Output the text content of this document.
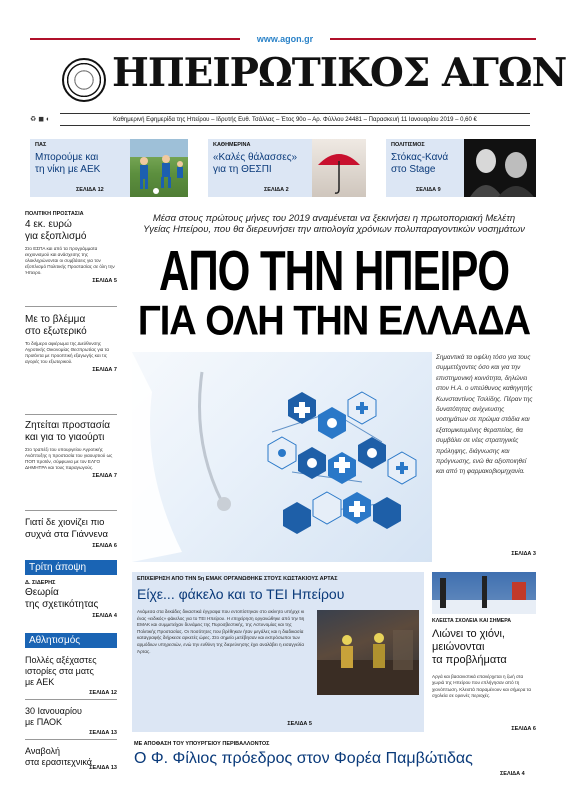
www.agon.gr
ΗΠΕΙΡΩΤΙΚΟΣ ΑΓΩΝ
♻ ◼ ◐	Καθημερινή Εφημερίδα της Ηπείρου – Ιδρυτής Ευθ. Τσάλλας – Έτος 90ο – Αρ. Φύλλου 24481 – Παρασκευή 11 Ιανουαρίου 2019 – 0,60 €
ΠΑΣ
Μπορούμε και
τη νίκη με ΑΕΚ
ΣΕΛΙΔΑ 12
ΚΑΘΗΜΕΡΙΝΑ
«Καλές θάλασσες»
για τη ΘΕΣΠΙ
ΣΕΛΙΔΑ 2
ΠΟΛΙΤΙΣΜΟΣ
Στόκας-Κανά
στο Stage
ΣΕΛΙΔΑ 9
ΠΟΛΙΤΙΚΗ ΠΡΟΣΤΑΣΙΑ
4 εκ. ευρώ
για εξοπλισμό
Στο ΕΣΠΑ και από τα προγράμματα εκχιονισμού και ανάσχεσης της ολοκληρώνονται οι συμβάσεις για τον εξοπλισμό Πολιτικής Προστασίας σε όλη την Ήπειρο.
ΣΕΛΙΔΑ 5
Με το βλέμμα
στο εξωτερικό
Το διήμερο αφιέρωμα της Διεύθυνσης Αγροτικής Οικονομίας Θεσπρωτίας για τα προϊόντα με προοπτική εξαγωγής και τις αγορές του εξωτερικού.
ΣΕΛΙΔΑ 7
Ζητείται προστασία
και για το γιαούρτι
Στο τραπέζι του υπουργείου Αγροτικής Ανάπτυξης η προστασία του γιαουρτιού ως ΠΟΠ προϊόν, σύμφωνα με τον ΕΛΓΟ ΔΗΜΗΤΡΑ και τους παραγωγούς.
ΣΕΛΙΔΑ 7
Γιατί δε χιονίζει πιο
συχνά στα Γιάννενα
ΣΕΛΙΔΑ 6
Τρίτη άποψη
Δ. ΣΙΔΕΡΗΣ
Θεωρία
της σχετικότητας
ΣΕΛΙΔΑ 4
Αθλητισμός
Πολλές αξέχαστες
ιστορίες στα ματς
με ΑΕΚ
ΣΕΛΙΔΑ 12
30 Ιανουαρίου
με ΠΑΟΚ
ΣΕΛΙΔΑ 13
Αναβολή
στα ερασιτεχνικά
ΣΕΛΙΔΑ 13
Μέσα στους πρώτους μήνες του 2019 αναμένεται να ξεκινήσει η πρωτοποριακή Μελέτη
Υγείας Ηπείρου, που θα διερευνήσει την αιτιολογία χρόνιων πολυπαραγοντικών νοσημάτων
ΑΠΟ ΤΗΝ ΗΠΕΙΡΟ
ΓΙΑ ΟΛΗ ΤΗΝ ΕΛΛΑΔΑ
Σημαντικά τα οφέλη τόσο για τους συμμετέχοντες όσο και για την επιστημονική κοινότητα, δηλώνει στον Η.Α. ο υπεύθυνος καθηγητής Κωνσταντίνος Τσιλίδης. Πέραν της δυνατότητας ανίχνευσης νοσημάτων σε πρώιμα στάδια και εξατομικευμένης θεραπείας, θα συμβάλει σε νέες στρατηγικές πρόληψης, διάγνωσης και πρόγνωσης, ενώ θα αξιοποιηθεί και από τη φαρμακοβιομηχανία.
ΣΕΛΙΔΑ 3
ΕΠΙΧΕΙΡΗΣΗ ΑΠΟ ΤΗΝ 5η ΕΜΑΚ ΟΡΓΑΝΩΘΗΚΕ ΣΤΟΥΣ ΚΩΣΤΑΚΙΟΥΣ ΑΡΤΑΣ
Είχε... φάκελο και το ΤΕΙ Ηπείρου
Ανάμεσα στα δεκάδες δικαστικά έγγραφα που εντοπίστηκαν στο ακίνητο υπήρχε κι ένας «ειδικός» φάκελος για το ΤΕΙ Ηπείρου. Η επιχείρηση οργανώθηκε από την 5η ΕΜΑΚ και συμμετείχαν δυνάμεις της Πυροσβεστικής, της Αστυνομίας και της Πολιτικής Προστασίας. Οι ποσότητες που βρέθηκαν ήταν μεγάλες και η διαδικασία καταγραφής διήρκεσε αρκετές ώρες. Στο σημείο μετέβησαν και εκπρόσωποι των αρμόδιων υπηρεσιών, ενώ την ευθύνη της διερεύνησης έχει αναλάβει η εισαγγελία Άρτας.
ΣΕΛΙΔΑ 5
ΚΛΕΙΣΤΑ ΣΧΟΛΕΙΑ ΚΑΙ ΣΗΜΕΡΑ
Λιώνει το χιόνι,
μειώνονται
τα προβλήματα
Αργά και βασανιστικά επανέρχεται η ζωή στα χωριά της Ηπείρου που επλήγησαν από τη χιονόπτωση. Κλειστά παραμένουν και σήμερα τα σχολεία σε ορεινές περιοχές.
ΣΕΛΙΔΑ 6
ΜΕ ΑΠΟΦΑΣΗ ΤΟΥ ΥΠΟΥΡΓΕΙΟΥ ΠΕΡΙΒΑΛΛΟΝΤΟΣ
Ο Φ. Φίλιος πρόεδρος στον Φορέα Παμβώτιδας
ΣΕΛΙΔΑ 4
